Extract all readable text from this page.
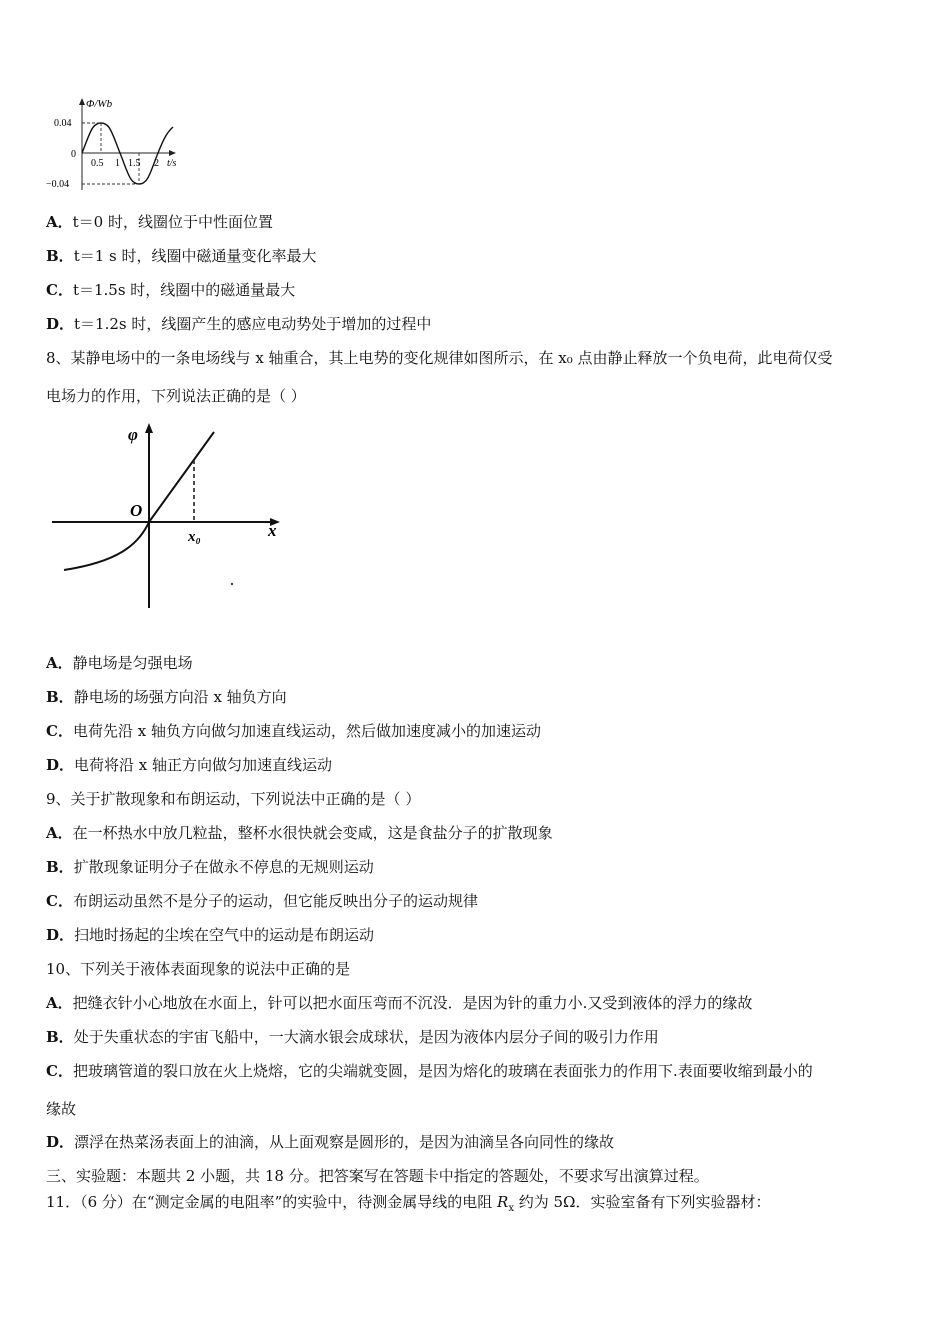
Φ/Wb
0.04
0
−0.04
0.5 1 1.5 2 t/s
A．t＝0 时，线圈位于中性面位置
B．t＝1 s 时，线圈中磁通量变化率最大
C．t＝1.5s 时，线圈中的磁通量最大
D．t＝1.2s 时，线圈产生的感应电动势处于增加的过程中
8、某静电场中的一条电场线与 x 轴重合，其上电势的变化规律如图所示，在 x₀ 点由静止释放一个负电荷，此电荷仅受
电场力的作用，下列说法正确的是（ ）
φ
O
x
x₀
A．静电场是匀强电场
B．静电场的场强方向沿 x 轴负方向
C．电荷先沿 x 轴负方向做匀加速直线运动，然后做加速度减小的加速运动
D．电荷将沿 x 轴正方向做匀加速直线运动
9、关于扩散现象和布朗运动，下列说法中正确的是（ ）
A．在一杯热水中放几粒盐，整杯水很快就会变咸，这是食盐分子的扩散现象
B．扩散现象证明分子在做永不停息的无规则运动
C．布朗运动虽然不是分子的运动，但它能反映出分子的运动规律
D．扫地时扬起的尘埃在空气中的运动是布朗运动
10、下列关于液体表面现象的说法中正确的是
A．把缝衣针小心地放在水面上，针可以把水面压弯而不沉没．是因为针的重力小.又受到液体的浮力的缘故
B．处于失重状态的宇宙飞船中，一大滴水银会成球状，是因为液体内层分子间的吸引力作用
C．把玻璃管道的裂口放在火上烧熔，它的尖端就变圆，是因为熔化的玻璃在表面张力的作用下.表面要收缩到最小的
缘故
D．漂浮在热菜汤表面上的油滴，从上面观察是圆形的，是因为油滴呈各向同性的缘故
三、实验题：本题共 2 小题，共 18 分。把答案写在答题卡中指定的答题处，不要求写出演算过程。
11．（6 分）在“测定金属的电阻率”的实验中，待测金属导线的电阻 $R_x$ 约为 5Ω．实验室备有下列实验器材：
